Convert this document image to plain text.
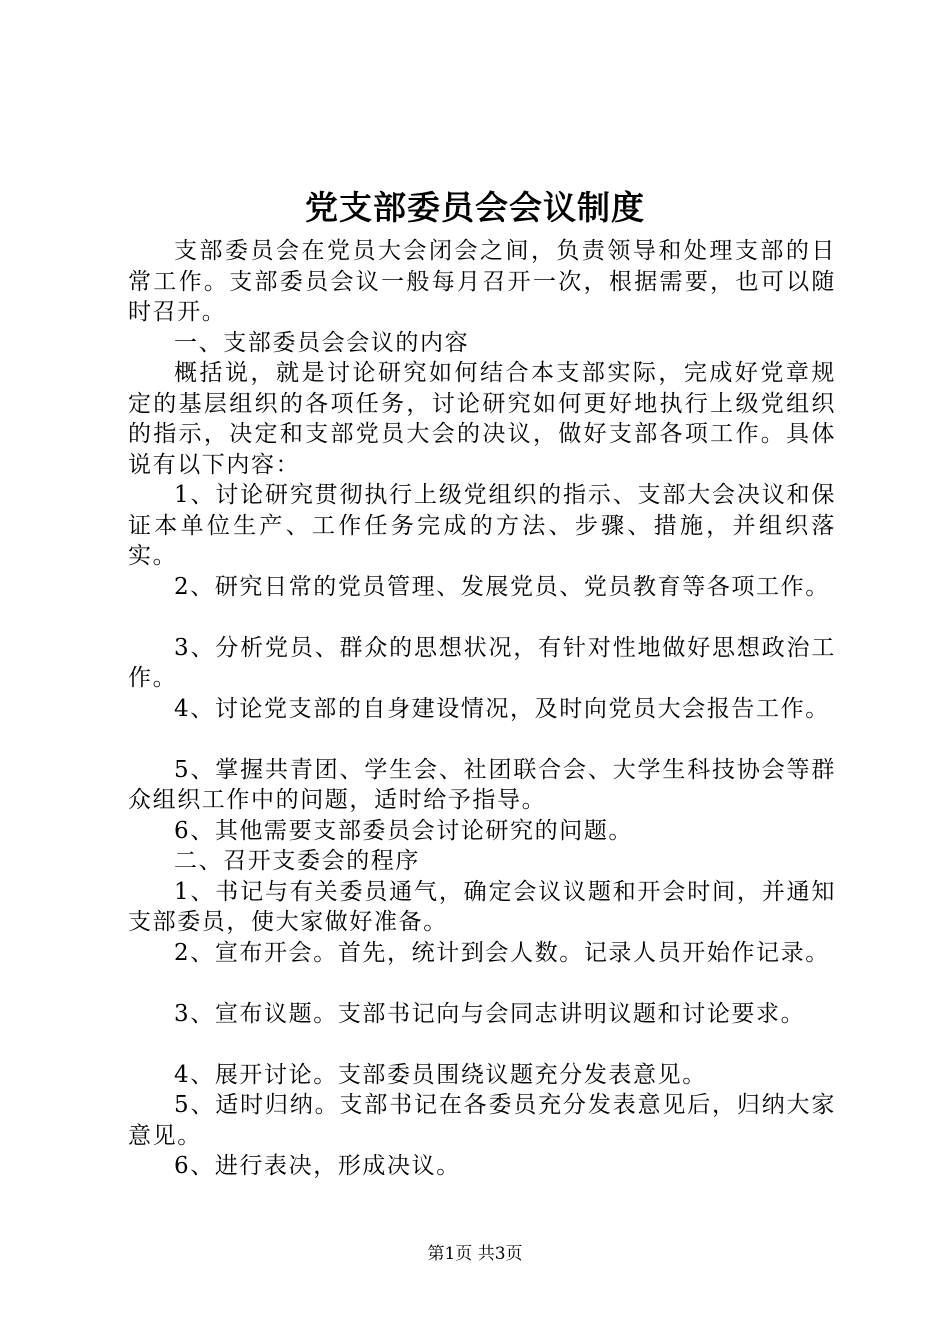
党支部委员会会议制度

支部委员会在党员大会闭会之间，负责领导和处理支部的日常工作。支部委员会议一般每月召开一次，根据需要，也可以随时召开。

一、支部委员会会议的内容

概括说，就是讨论研究如何结合本支部实际，完成好党章规定的基层组织的各项任务，讨论研究如何更好地执行上级党组织的指示，决定和支部党员大会的决议，做好支部各项工作。具体说有以下内容：

1、讨论研究贯彻执行上级党组织的指示、支部大会决议和保证本单位生产、工作任务完成的方法、步骤、措施，并组织落实。

2、研究日常的党员管理、发展党员、党员教育等各项工作。

3、分析党员、群众的思想状况，有针对性地做好思想政治工作。

4、讨论党支部的自身建设情况，及时向党员大会报告工作。

5、掌握共青团、学生会、社团联合会、大学生科技协会等群众组织工作中的问题，适时给予指导。

6、其他需要支部委员会讨论研究的问题。

二、召开支委会的程序

1、书记与有关委员通气，确定会议议题和开会时间，并通知支部委员，使大家做好准备。

2、宣布开会。首先，统计到会人数。记录人员开始作记录。

3、宣布议题。支部书记向与会同志讲明议题和讨论要求。

4、展开讨论。支部委员围绕议题充分发表意见。

5、适时归纳。支部书记在各委员充分发表意见后，归纳大家意见。

6、进行表决，形成决议。

第1页 共3页
